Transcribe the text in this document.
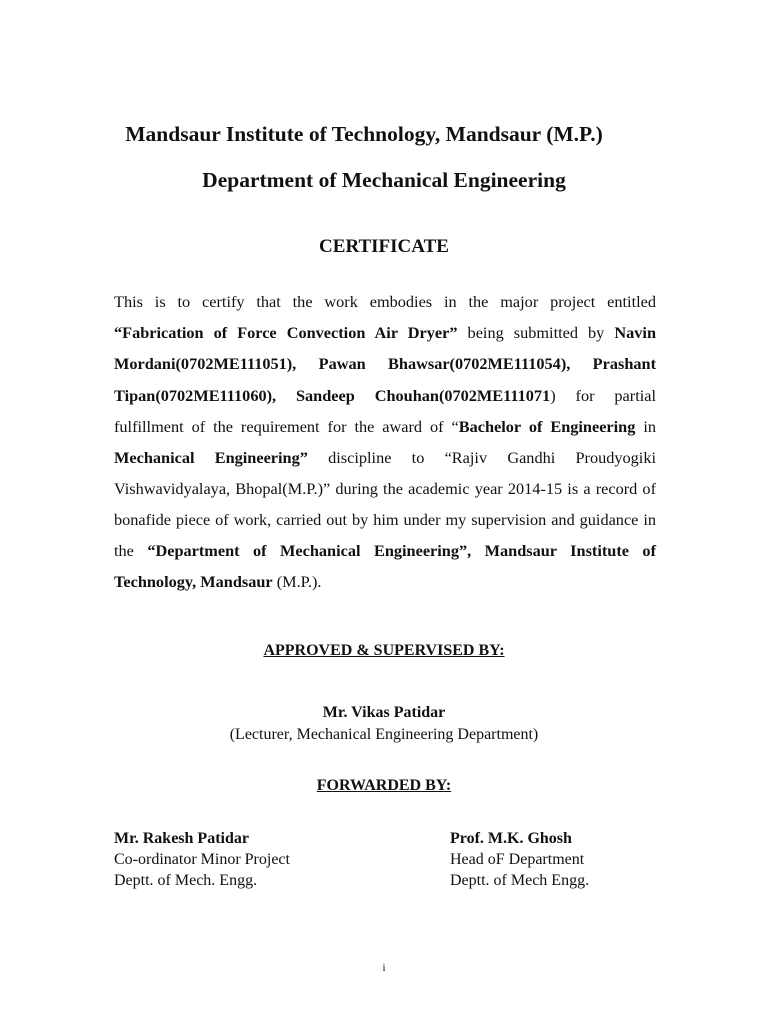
Mandsaur Institute of Technology, Mandsaur (M.P.)
Department of Mechanical Engineering
CERTIFICATE

This is to certify that the work embodies in the major project entitled “Fabrication of Force Convection Air Dryer” being submitted by Navin Mordani(0702ME111051), Pawan Bhawsar(0702ME111054), Prashant Tipan(0702ME111060), Sandeep Chouhan(0702ME111071) for partial fulfillment of the requirement for the award of “Bachelor of Engineering in Mechanical Engineering” discipline to “Rajiv Gandhi Proudyogiki Vishwavidyalaya, Bhopal(M.P.)” during the academic year 2014-15 is a record of bonafide piece of work, carried out by him under my supervision and guidance in the “Department of Mechanical Engineering”, Mandsaur Institute of Technology, Mandsaur (M.P.).

APPROVED & SUPERVISED BY:
Mr. Vikas Patidar
(Lecturer, Mechanical Engineering Department)
FORWARDED BY:
Mr. Rakesh Patidar
Co-ordinator Minor Project
Deptt. of Mech. Engg.
Prof. M.K. Ghosh
Head oF Department
Deptt. of Mech Engg.
i
